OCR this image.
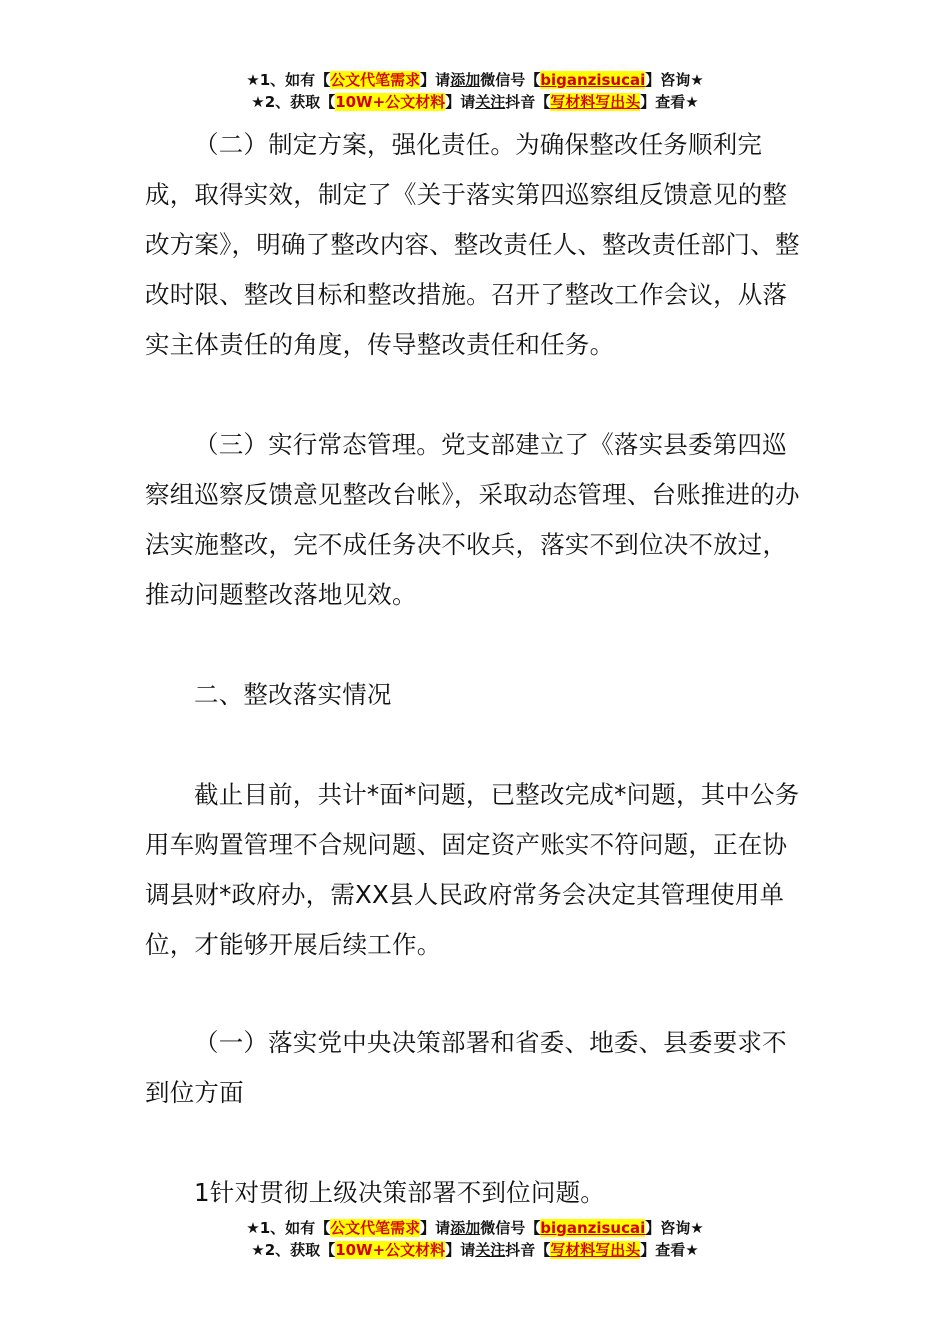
★1、如有【公文代笔需求】请添加微信号【biganzisucai】咨询★
★2、获取【10W+公文材料】请关注抖音【写材料写出头】查看★

（二）制定方案，强化责任。为确保整改任务顺利完成，取得实效，制定了《关于落实第四巡察组反馈意见的整改方案》，明确了整改内容、整改责任人、整改责任部门、整改时限、整改目标和整改措施。召开了整改工作会议，从落实主体责任的角度，传导整改责任和任务。

（三）实行常态管理。党支部建立了《落实县委第四巡察组巡察反馈意见整改台帐》，采取动态管理、台账推进的办法实施整改，完不成任务决不收兵，落实不到位决不放过，推动问题整改落地见效。

二、整改落实情况

截止目前，共计*面*问题，已整改完成*问题，其中公务用车购置管理不合规问题、固定资产账实不符问题，正在协调县财*政府办，需XX县人民政府常务会决定其管理使用单位，才能够开展后续工作。

（一）落实党中央决策部署和省委、地委、县委要求不到位方面

1针对贯彻上级决策部署不到位问题。

★1、如有【公文代笔需求】请添加微信号【biganzisucai】咨询★
★2、获取【10W+公文材料】请关注抖音【写材料写出头】查看★
